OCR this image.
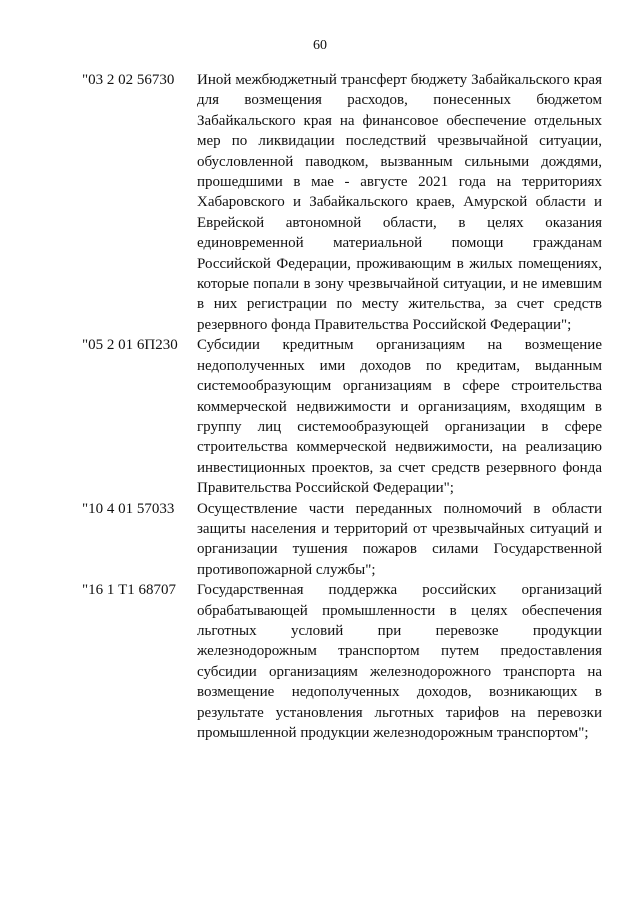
60
"03 2 02 56730	Иной межбюджетный трансферт бюджету Забайкальского края для возмещения расходов, понесенных бюджетом Забайкальского края на финансовое обеспечение отдельных мер по ликвидации последствий чрезвычайной ситуации, обусловленной паводком, вызванным сильными дождями, прошедшими в мае - августе 2021 года на территориях Хабаровского и Забайкальского краев, Амурской области и Еврейской автономной области, в целях оказания единовременной материальной помощи гражданам Российской Федерации, проживающим в жилых помещениях, которые попали в зону чрезвычайной ситуации, и не имевшим в них регистрации по месту жительства, за счет средств резервного фонда Правительства Российской Федерации";
"05 2 01 6П230	Субсидии кредитным организациям на возмещение недополученных ими доходов по кредитам, выданным системообразующим организациям в сфере строительства коммерческой недвижимости и организациям, входящим в группу лиц системообразующей организации в сфере строительства коммерческой недвижимости, на реализацию инвестиционных проектов, за счет средств резервного фонда Правительства Российской Федерации";
"10 4 01 57033	Осуществление части переданных полномочий в области защиты населения и территорий от чрезвычайных ситуаций и организации тушения пожаров силами Государственной противопожарной службы";
"16 1 Т1 68707	Государственная поддержка российских организаций обрабатывающей промышленности в целях обеспечения льготных условий при перевозке продукции железнодорожным транспортом путем предоставления субсидии организациям железнодорожного транспорта на возмещение недополученных доходов, возникающих в результате установления льготных тарифов на перевозки промышленной продукции железнодорожным транспортом";
